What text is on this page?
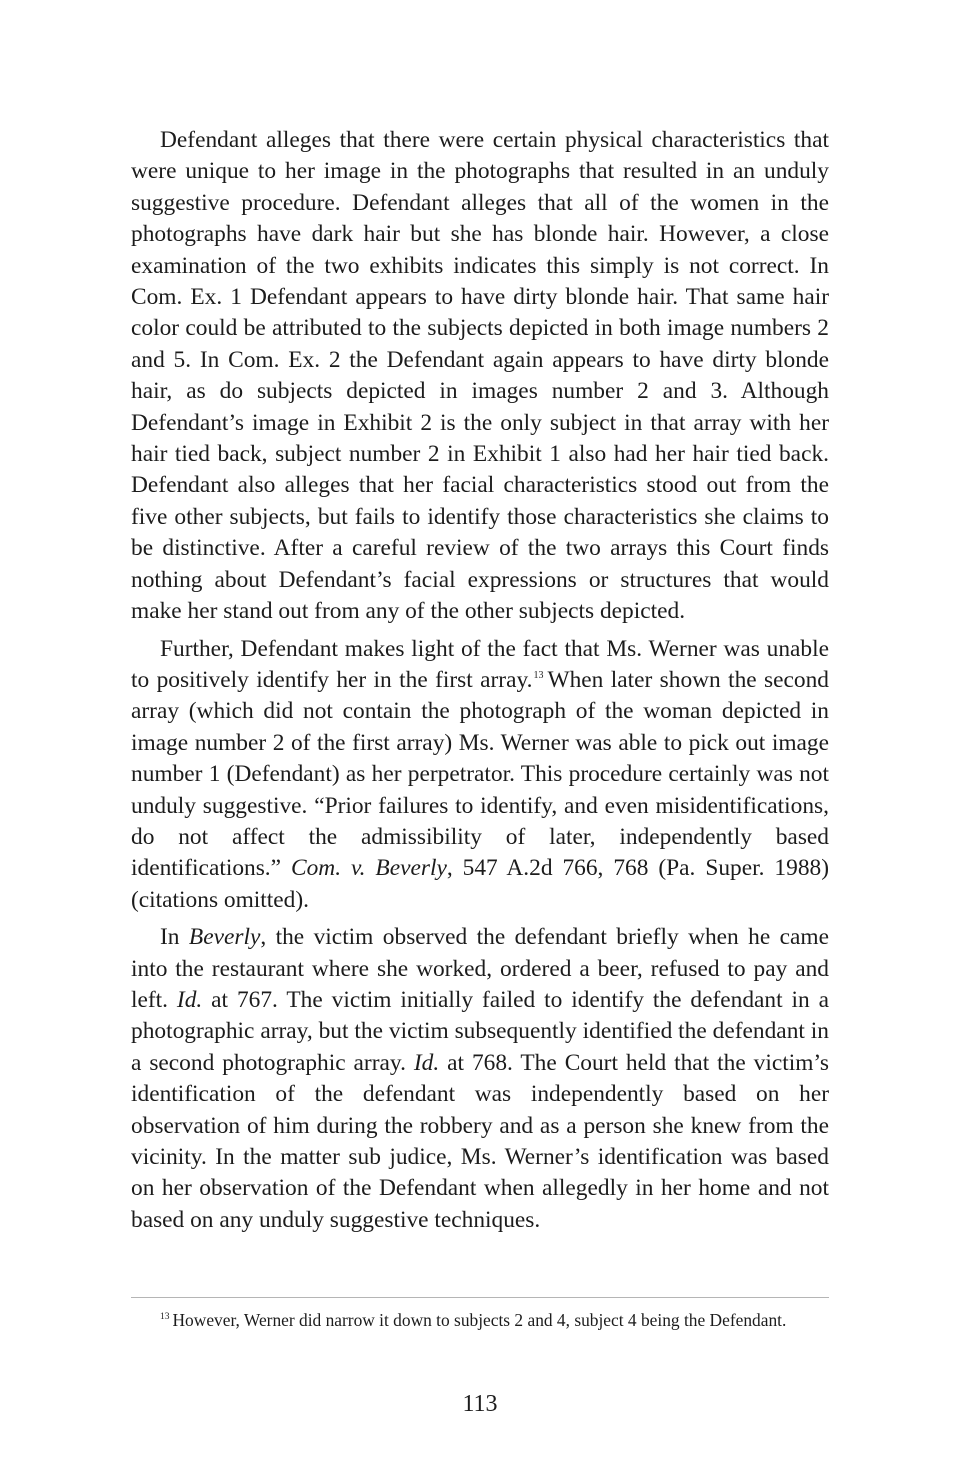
Defendant alleges that there were certain physical characteristics that were unique to her image in the photographs that resulted in an unduly suggestive procedure. Defendant alleges that all of the women in the photographs have dark hair but she has blonde hair. However, a close examination of the two exhibits indicates this simply is not correct. In Com. Ex. 1 Defendant appears to have dirty blonde hair. That same hair color could be attributed to the subjects depicted in both image numbers 2 and 5. In Com. Ex. 2 the Defendant again appears to have dirty blonde hair, as do subjects depicted in images number 2 and 3. Although Defendant’s image in Exhibit 2 is the only subject in that array with her hair tied back, subject number 2 in Exhibit 1 also had her hair tied back. Defendant also alleges that her facial characteristics stood out from the five other subjects, but fails to identify those characteristics she claims to be distinctive. After a careful review of the two arrays this Court finds nothing about Defendant’s facial expressions or structures that would make her stand out from any of the other subjects depicted.

Further, Defendant makes light of the fact that Ms. Werner was unable to positively identify her in the first array.$^{13}$ When later shown the second array (which did not contain the photograph of the woman depicted in image number 2 of the first array) Ms. Werner was able to pick out image number 1 (Defendant) as her perpetrator. This procedure certainly was not unduly suggestive. “Prior failures to identify, and even misidentifications, do not affect the admissibility of later, independently based identifications.” Com. v. Beverly, 547 A.2d 766, 768 (Pa. Super. 1988) (citations omitted).

In Beverly, the victim observed the defendant briefly when he came into the restaurant where she worked, ordered a beer, refused to pay and left. Id. at 767. The victim initially failed to identify the defendant in a photographic array, but the victim subsequently identified the defendant in a second photographic array. Id. at 768. The Court held that the victim’s identification of the defendant was independently based on her observation of him during the robbery and as a person she knew from the vicinity. In the matter sub judice, Ms. Werner’s identification was based on her observation of the Defendant when allegedly in her home and not based on any unduly suggestive techniques.

$^{13}$ However, Werner did narrow it down to subjects 2 and 4, subject 4 being the Defendant.
113
